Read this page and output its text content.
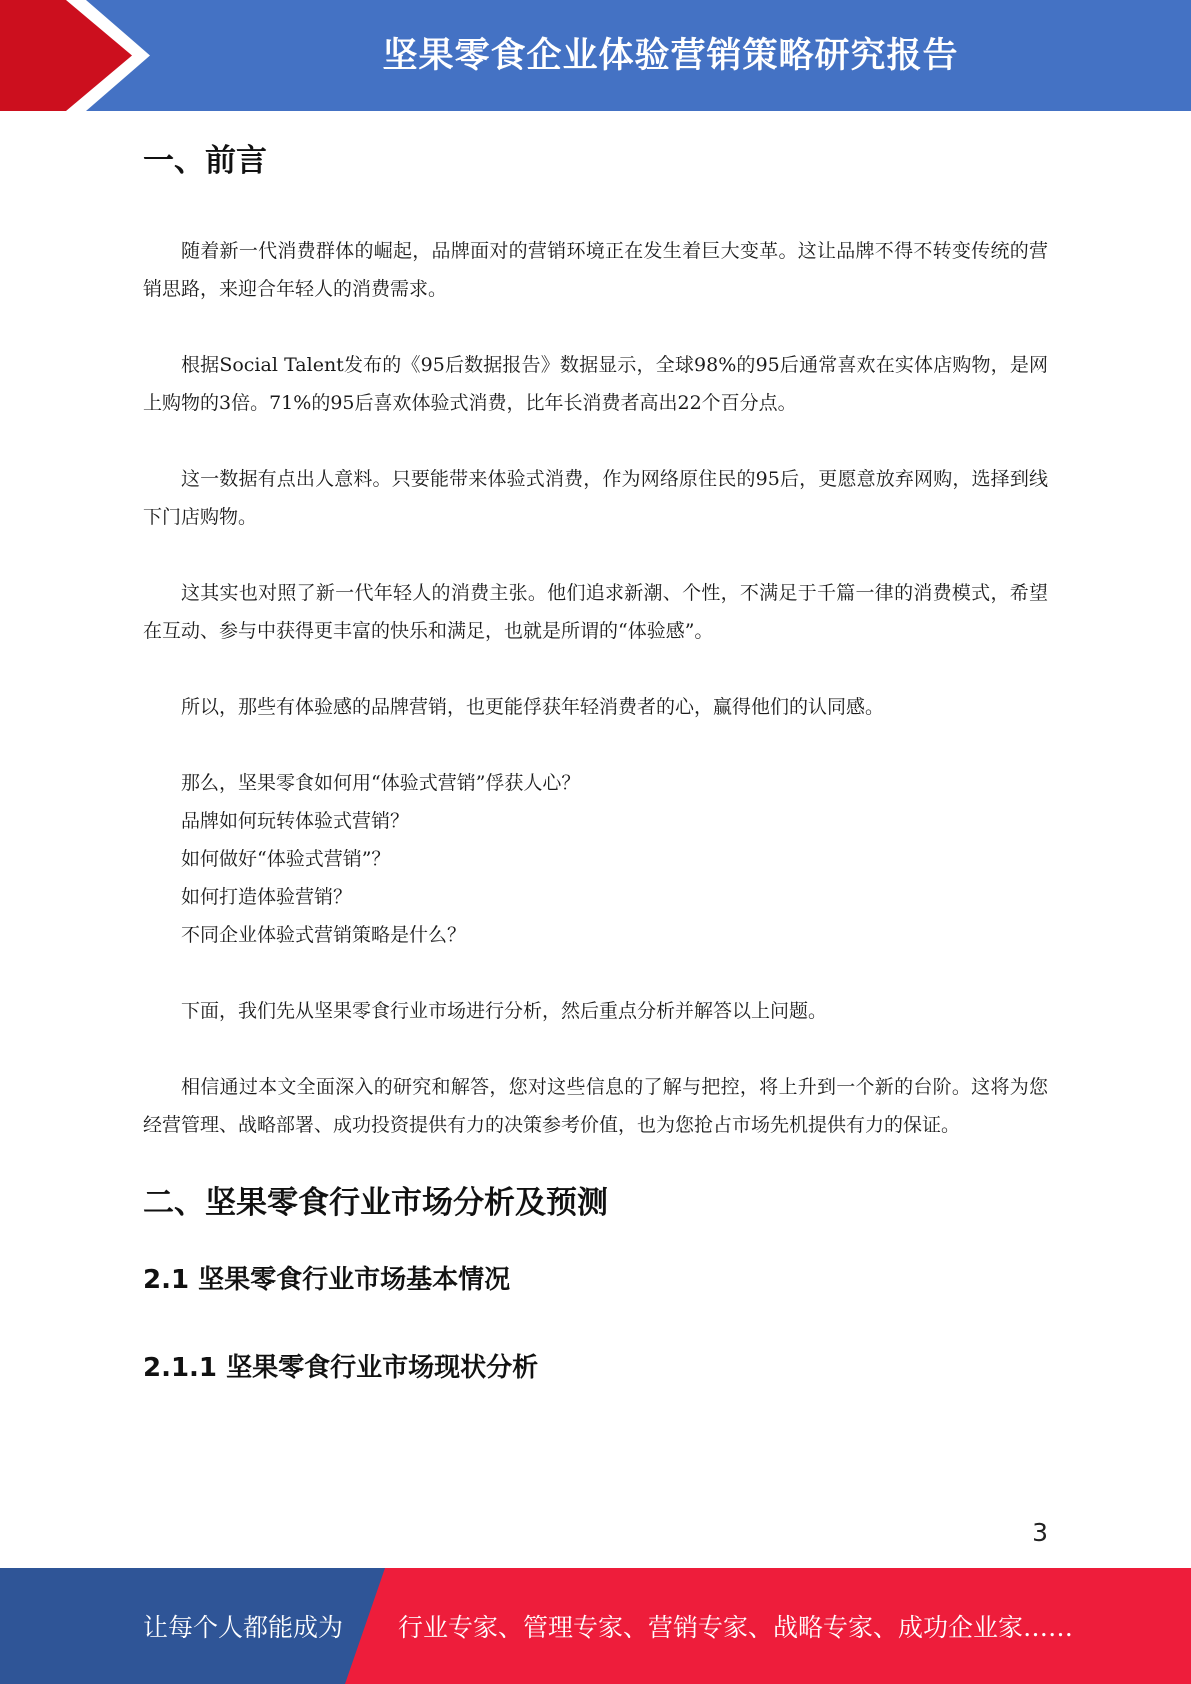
坚果零食企业体验营销策略研究报告
一、前言

随着新一代消费群体的崛起，品牌面对的营销环境正在发生着巨大变革。这让品牌不得不转变传统的营销思路，来迎合年轻人的消费需求。

根据Social Talent发布的《95后数据报告》数据显示，全球98%的95后通常喜欢在实体店购物，是网上购物的3倍。71%的95后喜欢体验式消费，比年长消费者高出22个百分点。

这一数据有点出人意料。只要能带来体验式消费，作为网络原住民的95后，更愿意放弃网购，选择到线下门店购物。

这其实也对照了新一代年轻人的消费主张。他们追求新潮、个性，不满足于千篇一律的消费模式，希望在互动、参与中获得更丰富的快乐和满足，也就是所谓的“体验感”。

所以，那些有体验感的品牌营销，也更能俘获年轻消费者的心，赢得他们的认同感。

那么，坚果零食如何用“体验式营销”俘获人心？
品牌如何玩转体验式营销？
如何做好“体验式营销”？
如何打造体验营销？
不同企业体验式营销策略是什么？

下面，我们先从坚果零食行业市场进行分析，然后重点分析并解答以上问题。

相信通过本文全面深入的研究和解答，您对这些信息的了解与把控，将上升到一个新的台阶。这将为您经营管理、战略部署、成功投资提供有力的决策参考价值，也为您抢占市场先机提供有力的保证。

二、坚果零食行业市场分析及预测
2.1 坚果零食行业市场基本情况
2.1.1 坚果零食行业市场现状分析
3
让每个人都能成为 行业专家、管理专家、营销专家、战略专家、成功企业家……
